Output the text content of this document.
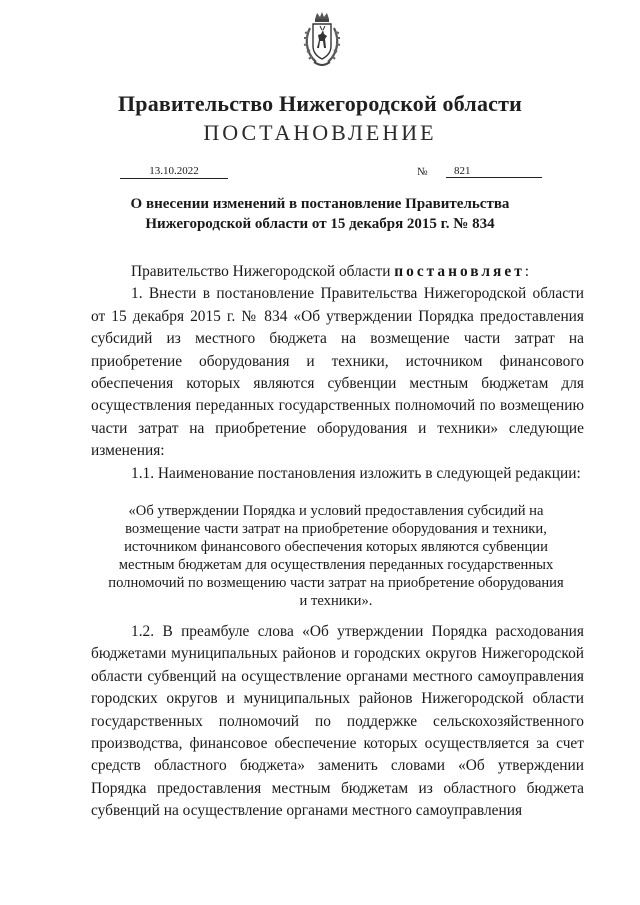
Правительство Нижегородской области
ПОСТАНОВЛЕНИЕ
13.10.2022	№	821
О внесении изменений в постановление Правительства
Нижегородской области от 15 декабря 2015 г. № 834

Правительство Нижегородской области постановляет:

1. Внести в постановление Правительства Нижегородской области от 15 декабря 2015 г. № 834 «Об утверждении Порядка предоставления субсидий из местного бюджета на возмещение части затрат на приобретение оборудования и техники, источником финансового обеспечения которых являются субвенции местным бюджетам для осуществления переданных государственных полномочий по возмещению части затрат на приобретение оборудования и техники» следующие изменения:

1.1. Наименование постановления изложить в следующей редакции:

«Об утверждении Порядка и условий предоставления субсидий на возмещение части затрат на приобретение оборудования и техники, источником финансового обеспечения которых являются субвенции местным бюджетам для осуществления переданных государственных полномочий по возмещению части затрат на приобретение оборудования и техники».

1.2. В преамбуле слова «Об утверждении Порядка расходования бюджетами муниципальных районов и городских округов Нижегородской области субвенций на осуществление органами местного самоуправления городских округов и муниципальных районов Нижегородской области государственных полномочий по поддержке сельскохозяйственного производства, финансовое обеспечение которых осуществляется за счет средств областного бюджета» заменить словами «Об утверждении Порядка предоставления местным бюджетам из областного бюджета субвенций на осуществление органами местного самоуправления
